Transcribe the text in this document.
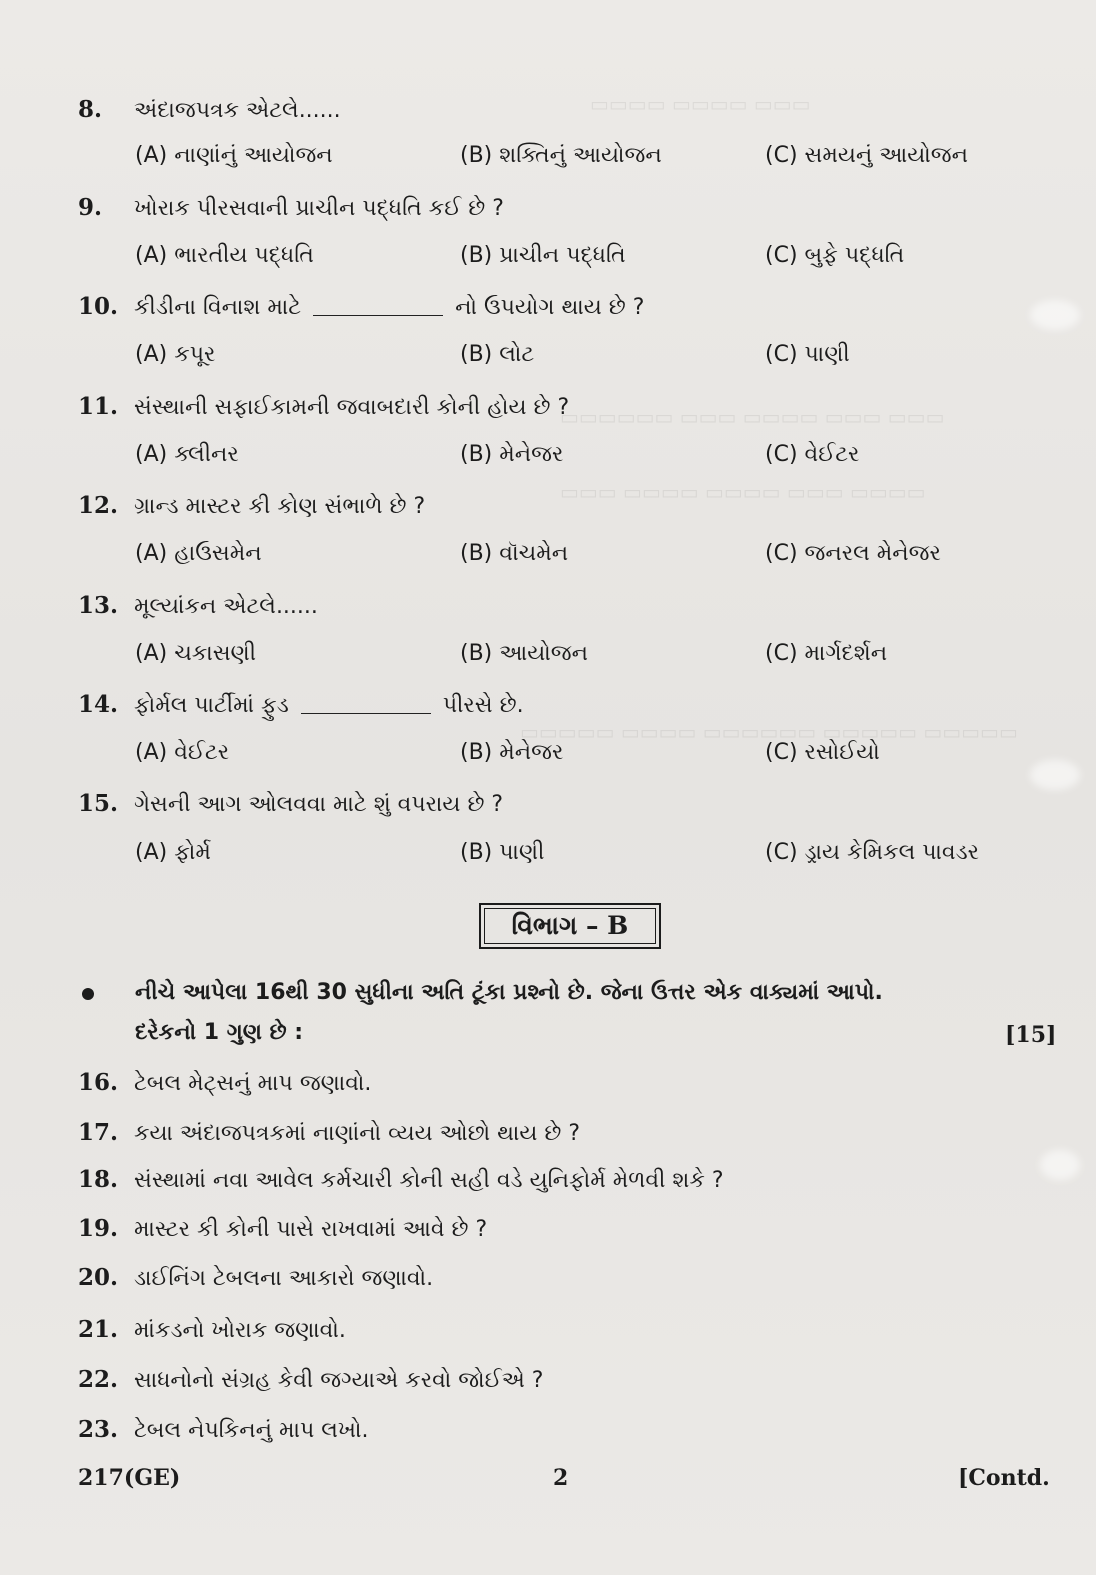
▭▭▭▭ ▭▭▭▭ ▭▭▭
▭▭▭▭▭▭ ▭▭▭ ▭▭▭▭ ▭▭▭ ▭▭▭
▭▭▭ ▭▭▭▭ ▭▭▭▭ ▭▭▭ ▭▭▭▭
▭▭▭▭▭ ▭▭▭▭ ▭▭▭▭▭▭ ▭▭▭▭▭ ▭▭▭▭▭
8. અંદાજપત્રક એટલે......
(A) નાણાંનું આયોજન	(B) શક્તિનું આયોજન	(C) સમયનું આયોજન
9. ખોરાક પીરસવાની પ્રાચીન પદ્ધતિ કઈ છે ?
(A) ભારતીય પદ્ધતિ	(B) પ્રાચીન પદ્ધતિ	(C) બુફે પદ્ધતિ
10. કીડીના વિનાશ માટે	નો ઉપયોગ થાય છે ?
(A) કપૂર	(B) લોટ	(C) પાણી
11. સંસ્થાની સફાઈકામની જવાબદારી કોની હોય છે ?
(A) ક્લીનર	(B) મેનેજર	(C) વેઈટર
12. ગ્રાન્ડ માસ્ટર કી કોણ સંભાળે છે ?
(A) હાઉસમેન	(B) વૉચમેન	(C) જનરલ મેનેજર
13. મૂલ્યાંકન એટલે......
(A) ચકાસણી	(B) આયોજન	(C) માર્ગદર્શન
14. ફોર્મલ પાર્ટીમાં ફુડ	પીરસે છે.
(A) વેઈટર	(B) મેનેજર	(C) રસોઈયો
15. ગેસની આગ ઓલવવા માટે શું વપરાય છે ?
(A) ફોર્મ	(B) પાણી	(C) ડ્રાય કેમિકલ પાવડર
વિભાગ – B
નીચે આપેલા 16થી 30 સુધીના અતિ ટૂંકા પ્રશ્નો છે. જેના ઉત્તર એક વાક્યમાં આપો.
દરેકનો 1 ગુણ છે :	[15]
16. ટેબલ મેટ્સનું માપ જણાવો.
17. કયા અંદાજપત્રકમાં નાણાંનો વ્યય ઓછો થાય છે ?
18. સંસ્થામાં નવા આવેલ કર્મચારી કોની સહી વડે યુનિફોર્મ મેળવી શકે ?
19. માસ્ટર કી કોની પાસે રાખવામાં આવે છે ?
20. ડાઈનિંગ ટેબલના આકારો જણાવો.
21. માંકડનો ખોરાક જણાવો.
22. સાધનોનો સંગ્રહ કેવી જગ્યાએ કરવો જોઈએ ?
23. ટેબલ નેપકિનનું માપ લખો.
217(GE)	2	[Contd.
